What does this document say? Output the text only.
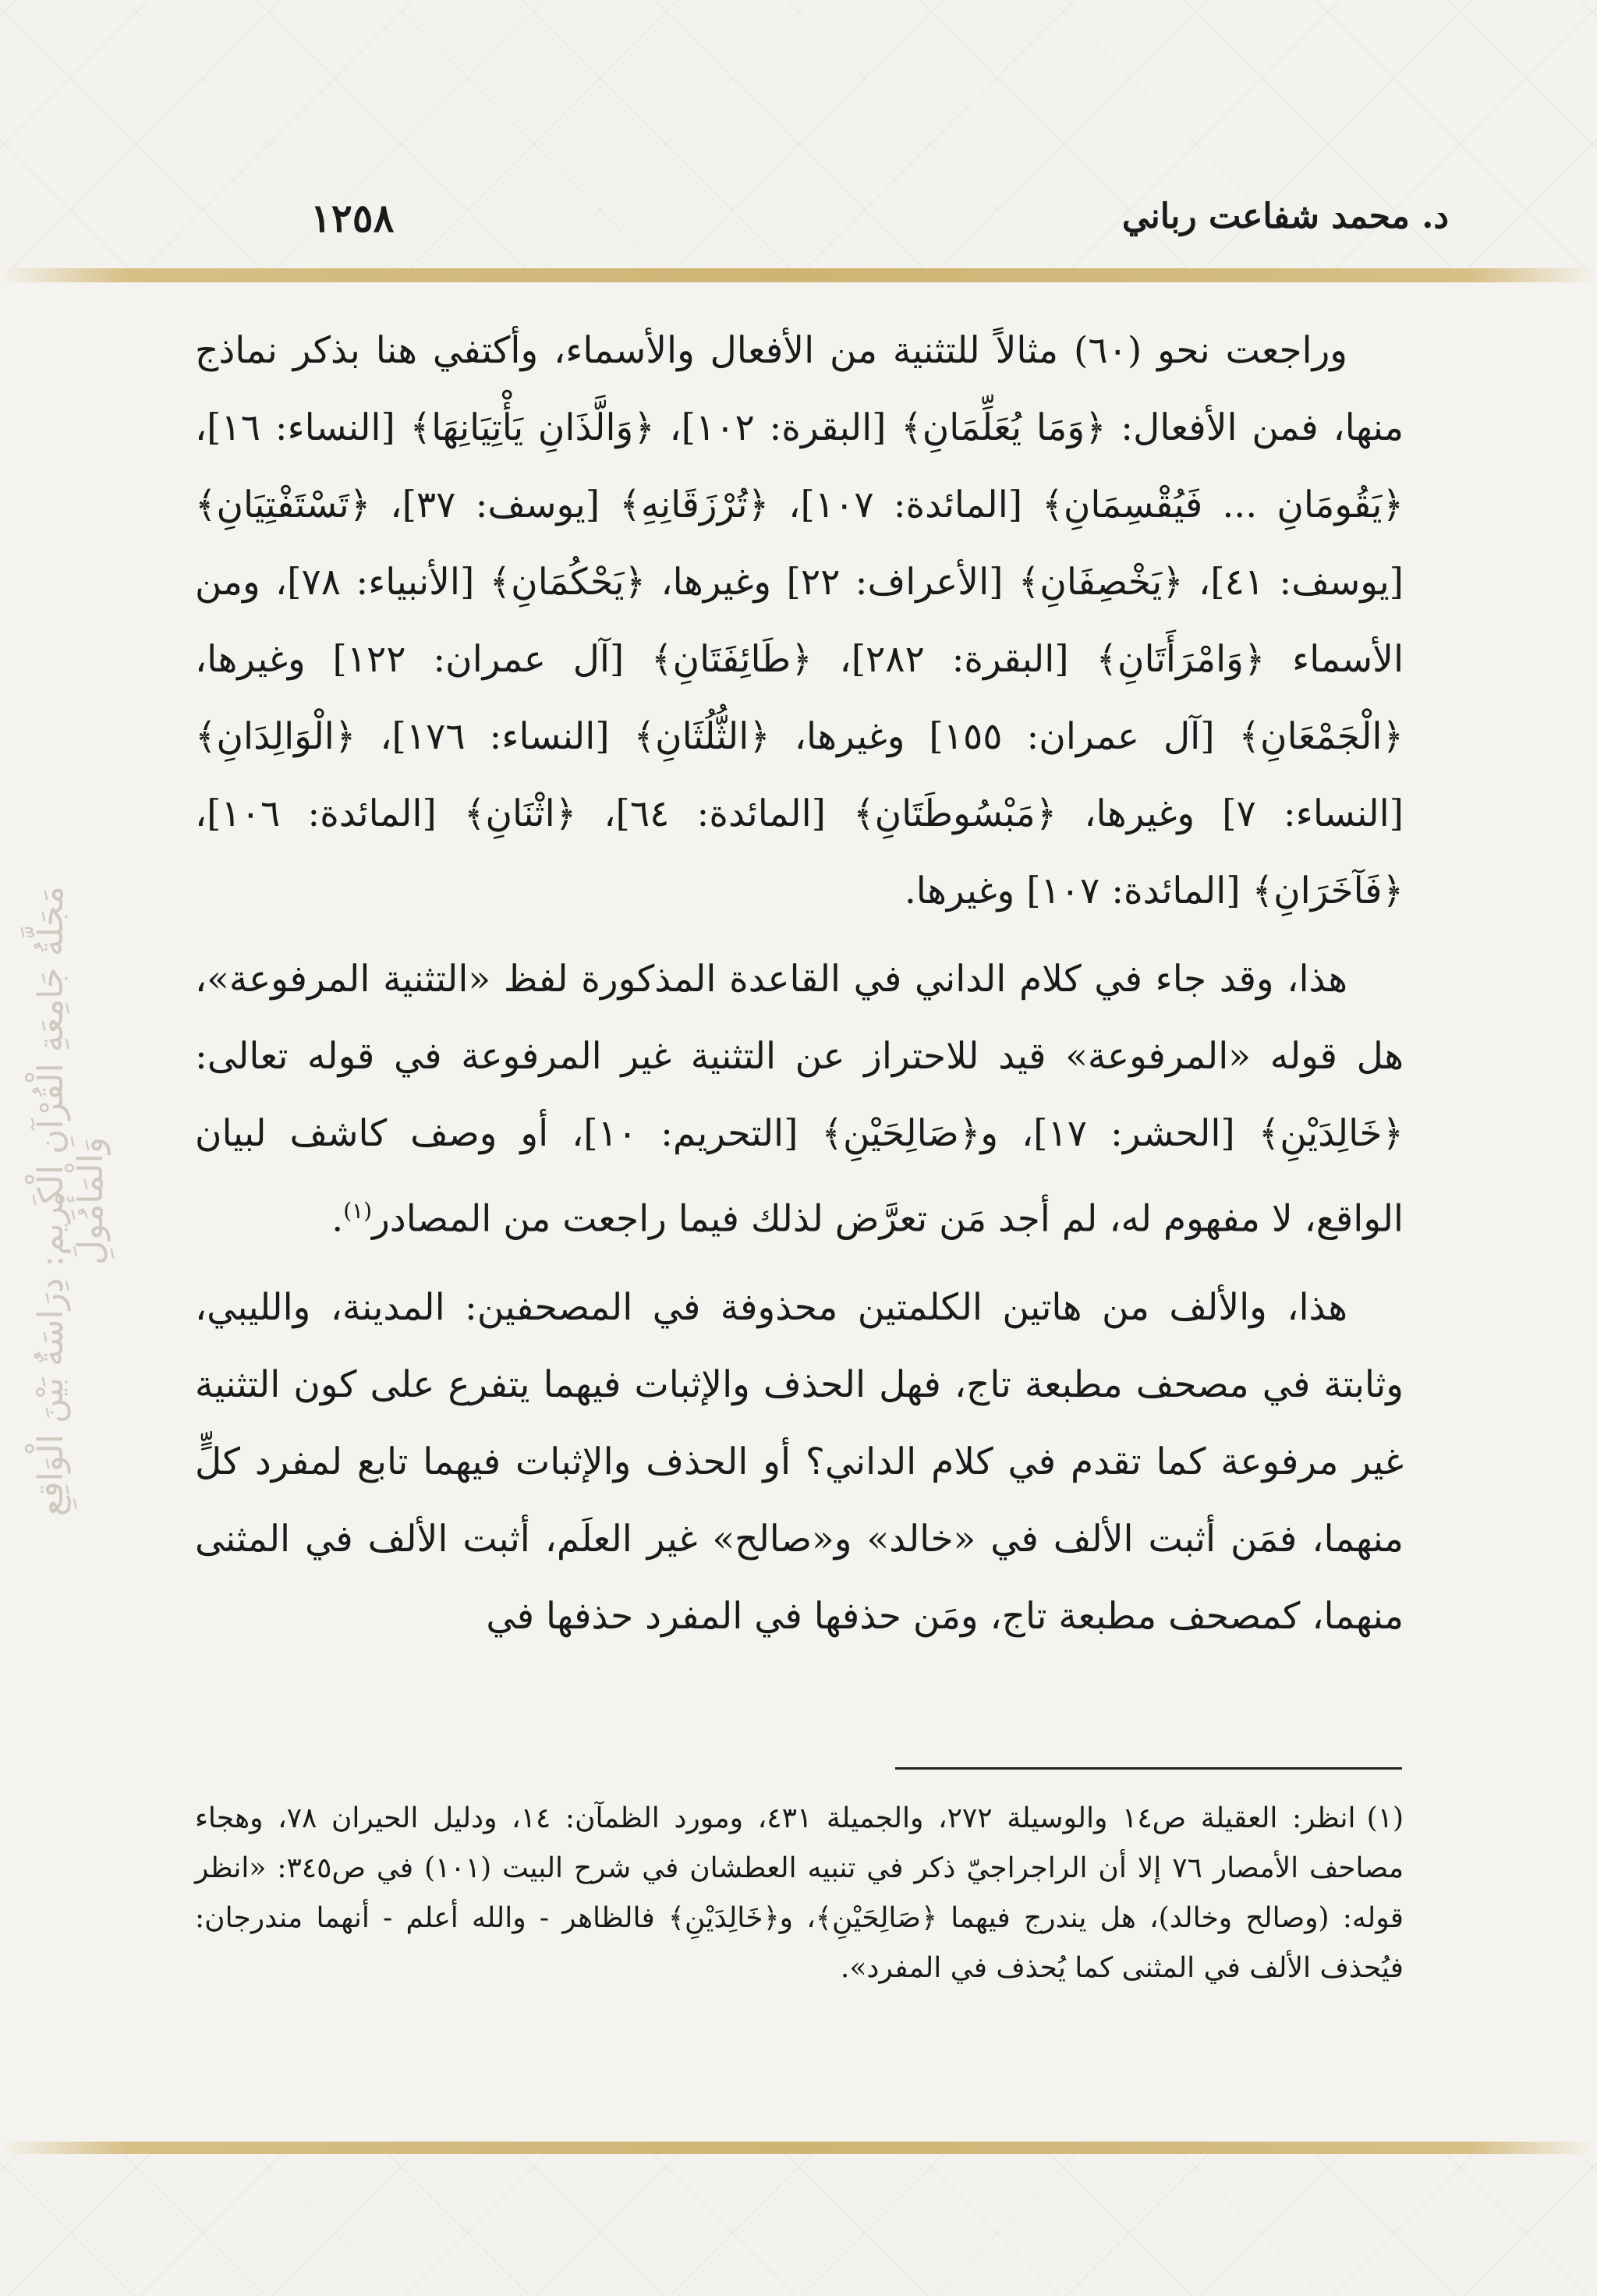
١٢٥٨	د. محمد شفاعت رباني
مَجَلَّةُ جَامِعَةِ الْقُرْآنِ الْكَرِيمِ: دِرَاسَةٌ بَيْنَ الْوَاقِعِ وَالْمَأْمُولِ

وراجعت نحو (٦٠) مثالاً للتثنية من الأفعال والأسماء، وأكتفي هنا بذكر نماذج منها، فمن الأفعال: ﴿وَمَا يُعَلِّمَانِ﴾ [البقرة: ١٠٢]، ﴿وَالَّذَانِ يَأْتِيَانِهَا﴾ [النساء: ١٦]، ﴿يَقُومَانِ ... فَيُقْسِمَانِ﴾ [المائدة: ١٠٧]، ﴿تُرْزَقَانِهِ﴾ [يوسف: ٣٧]، ﴿تَسْتَفْتِيَانِ﴾ [يوسف: ٤١]، ﴿يَخْصِفَانِ﴾ [الأعراف: ٢٢] وغيرها، ﴿يَحْكُمَانِ﴾ [الأنبياء: ٧٨]، ومن الأسماء ﴿وَامْرَأَتَانِ﴾ [البقرة: ٢٨٢]، ﴿طَائِفَتَانِ﴾ [آل عمران: ١٢٢] وغيرها، ﴿الْجَمْعَانِ﴾ [آل عمران: ١٥٥] وغيرها، ﴿الثُّلُثَانِ﴾ [النساء: ١٧٦]، ﴿الْوَالِدَانِ﴾ [النساء: ٧] وغيرها، ﴿مَبْسُوطَتَانِ﴾ [المائدة: ٦٤]، ﴿اثْنَانِ﴾ [المائدة: ١٠٦]، ﴿فَآخَرَانِ﴾ [المائدة: ١٠٧] وغيرها.

هذا، وقد جاء في كلام الداني في القاعدة المذكورة لفظ «التثنية المرفوعة»، هل قوله «المرفوعة» قيد للاحتراز عن التثنية غير المرفوعة في قوله تعالى: ﴿خَالِدَيْنِ﴾ [الحشر: ١٧]، و﴿صَالِحَيْنِ﴾ [التحريم: ١٠]، أو وصف كاشف لبيان الواقع، لا مفهوم له، لم أجد مَن تعرَّض لذلك فيما راجعت من المصادر$^{(١)}$.

هذا، والألف من هاتين الكلمتين محذوفة في المصحفين: المدينة، والليبي، وثابتة في مصحف مطبعة تاج، فهل الحذف والإثبات فيهما يتفرع على كون التثنية غير مرفوعة كما تقدم في كلام الداني؟ أو الحذف والإثبات فيهما تابع لمفرد كلٍّ منهما، فمَن أثبت الألف في «خالد» و«صالح» غير العلَم، أثبت الألف في المثنى منهما، كمصحف مطبعة تاج، ومَن حذفها في المفرد حذفها في

(١)انظر: العقيلة ص١٤ والوسيلة ٢٧٢، والجميلة ٤٣١، ومورد الظمآن: ١٤، ودليل الحيران ٧٨، وهجاء مصاحف الأمصار ٧٦ إلا أن الراجراجيّ ذكر في تنبيه العطشان في شرح البيت (١٠١) في ص٣٤٥: «انظر قوله: (وصالح وخالد)، هل يندرج فيهما ﴿صَالِحَيْنِ﴾، و﴿خَالِدَيْنِ﴾ فالظاهر - والله أعلم - أنهما مندرجان: فيُحذف الألف في المثنى كما يُحذف في المفرد».
